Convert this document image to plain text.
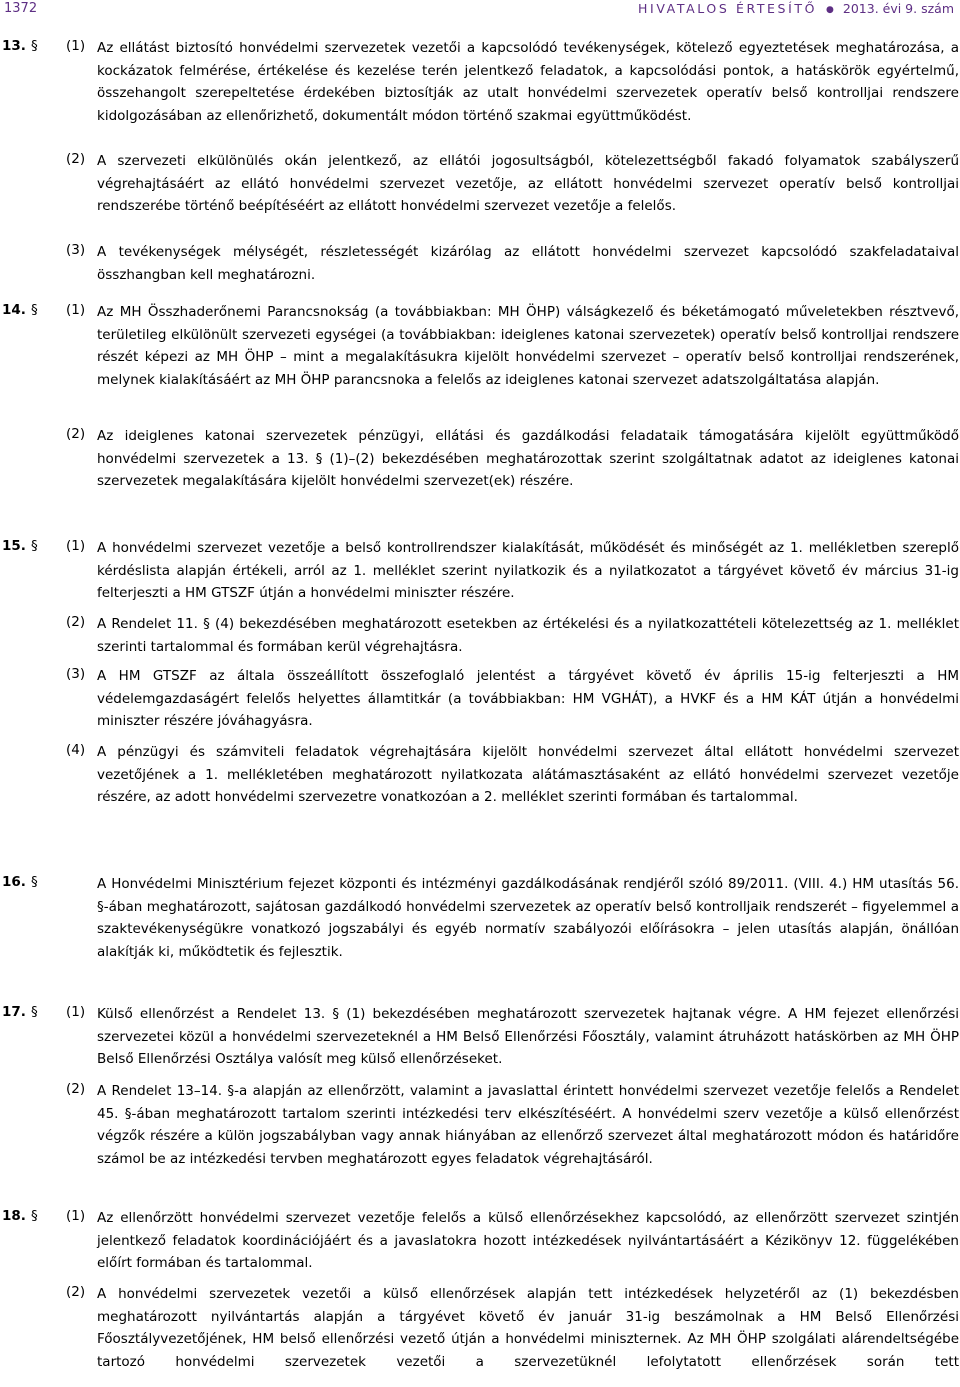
1372	HIVATALOS ÉRTESÍTŐ ● 2013. évi 9. szám
13. § (1) Az ellátást biztosító honvédelmi szervezetek vezetői a kapcsolódó tevékenységek, kötelező egyeztetések meghatározása, a kockázatok felmérése, értékelése és kezelése terén jelentkező feladatok, a kapcsolódási pontok, a hatáskörök egyértelmű, összehangolt szerepeltetése érdekében biztosítják az utalt honvédelmi szervezetek operatív belső kontrolljai rendszere kidolgozásában az ellenőrizhető, dokumentált módon történő szakmai együttműködést.
(2) A szervezeti elkülönülés okán jelentkező, az ellátói jogosultságból, kötelezettségből fakadó folyamatok szabályszerű végrehajtásáért az ellátó honvédelmi szervezet vezetője, az ellátott honvédelmi szervezet operatív belső kontrolljai rendszerébe történő beépítéséért az ellátott honvédelmi szervezet vezetője a felelős.
(3) A tevékenységek mélységét, részletességét kizárólag az ellátott honvédelmi szervezet kapcsolódó szakfeladataival összhangban kell meghatározni.
14. § (1) Az MH Összhaderőnemi Parancsnokság (a továbbiakban: MH ÖHP) válságkezelő és béketámogató műveletekben résztvevő, területileg elkülönült szervezeti egységei (a továbbiakban: ideiglenes katonai szervezetek) operatív belső kontrolljai rendszere részét képezi az MH ÖHP – mint a megalakításukra kijelölt honvédelmi szervezet – operatív belső kontrolljai rendszerének, melynek kialakításáért az MH ÖHP parancsnoka a felelős az ideiglenes katonai szervezet adatszolgáltatása alapján.
(2) Az ideiglenes katonai szervezetek pénzügyi, ellátási és gazdálkodási feladataik támogatására kijelölt együttműködő honvédelmi szervezetek a 13. § (1)–(2) bekezdésében meghatározottak szerint szolgáltatnak adatot az ideiglenes katonai szervezetek megalakítására kijelölt honvédelmi szervezet(ek) részére.
15. § (1) A honvédelmi szervezet vezetője a belső kontrollrendszer kialakítását, működését és minőségét az 1. mellékletben szereplő kérdéslista alapján értékeli, arról az 1. melléklet szerint nyilatkozik és a nyilatkozatot a tárgyévet követő év március 31-ig felterjeszti a HM GTSZF útján a honvédelmi miniszter részére.
(2) A Rendelet 11. § (4) bekezdésében meghatározott esetekben az értékelési és a nyilatkozattételi kötelezettség az 1. melléklet szerinti tartalommal és formában kerül végrehajtásra.
(3) A HM GTSZF az általa összeállított összefoglaló jelentést a tárgyévet követő év április 15-ig felterjeszti a HM védelemgazdaságért felelős helyettes államtitkár (a továbbiakban: HM VGHÁT), a HVKF és a HM KÁT útján a honvédelmi miniszter részére jóváhagyásra.
(4) A pénzügyi és számviteli feladatok végrehajtására kijelölt honvédelmi szervezet által ellátott honvédelmi szervezet vezetőjének a 1. mellékletében meghatározott nyilatkozata alátámasztásaként az ellátó honvédelmi szervezet vezetője részére, az adott honvédelmi szervezetre vonatkozóan a 2. melléklet szerinti formában és tartalommal.
16. §	A Honvédelmi Minisztérium fejezet központi és intézményi gazdálkodásának rendjéről szóló 89/2011. (VIII. 4.) HM utasítás 56. §-ában meghatározott, sajátosan gazdálkodó honvédelmi szervezetek az operatív belső kontrolljaik rendszerét – figyelemmel a szaktevékenységükre vonatkozó jogszabályi és egyéb normatív szabályozói előírásokra – jelen utasítás alapján, önállóan alakítják ki, működtetik és fejlesztik.
17. § (1) Külső ellenőrzést a Rendelet 13. § (1) bekezdésében meghatározott szervezetek hajtanak végre. A HM fejezet ellenőrzési szervezetei közül a honvédelmi szervezeteknél a HM Belső Ellenőrzési Főosztály, valamint átruházott hatáskörben az MH ÖHP Belső Ellenőrzési Osztálya valósít meg külső ellenőrzéseket.
(2) A Rendelet 13–14. §-a alapján az ellenőrzött, valamint a javaslattal érintett honvédelmi szervezet vezetője felelős a Rendelet 45. §-ában meghatározott tartalom szerinti intézkedési terv elkészítéséért. A honvédelmi szerv vezetője a külső ellenőrzést végzők részére a külön jogszabályban vagy annak hiányában az ellenőrző szervezet által meghatározott módon és határidőre számol be az intézkedési tervben meghatározott egyes feladatok végrehajtásáról.
18. § (1) Az ellenőrzött honvédelmi szervezet vezetője felelős a külső ellenőrzésekhez kapcsolódó, az ellenőrzött szervezet szintjén jelentkező feladatok koordinációjáért és a javaslatokra hozott intézkedések nyilvántartásáért a Kézikönyv 12. függelékében előírt formában és tartalommal.
(2) A honvédelmi szervezetek vezetői a külső ellenőrzések alapján tett intézkedések helyzetéről az (1) bekezdésben meghatározott nyilvántartás alapján a tárgyévet követő év január 31-ig beszámolnak a HM Belső Ellenőrzési Főosztályvezetőjének, HM belső ellenőrzési vezető útján a honvédelmi miniszternek. Az MH ÖHP szolgálati alárendeltségébe tartozó honvédelmi szervezetek vezetői a szervezetüknél lefolytatott ellenőrzések során tett
